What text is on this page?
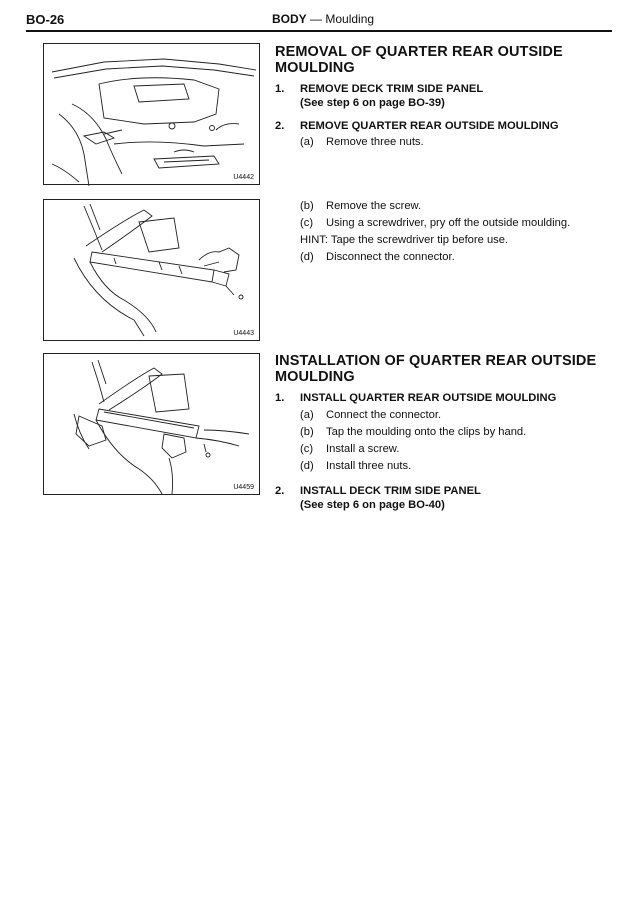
BO-26	BODY — Moulding
U4442
U4443
U4459

REMOVAL OF QUARTER REAR OUTSIDE
MOULDING

1. REMOVE DECK TRIM SIDE PANEL
(See step 6 on page BO-39)
2. REMOVE QUARTER REAR OUTSIDE MOULDING
(a) Remove three nuts.
(b) Remove the screw.
(c) Using a screwdriver, pry off the outside moulding.
HINT: Tape the screwdriver tip before use.
(d) Disconnect the connector.

INSTALLATION OF QUARTER REAR OUTSIDE
MOULDING

1. INSTALL QUARTER REAR OUTSIDE MOULDING
(a) Connect the connector.
(b) Tap the moulding onto the clips by hand.
(c) Install a screw.
(d) Install three nuts.
2. INSTALL DECK TRIM SIDE PANEL
(See step 6 on page BO-40)
